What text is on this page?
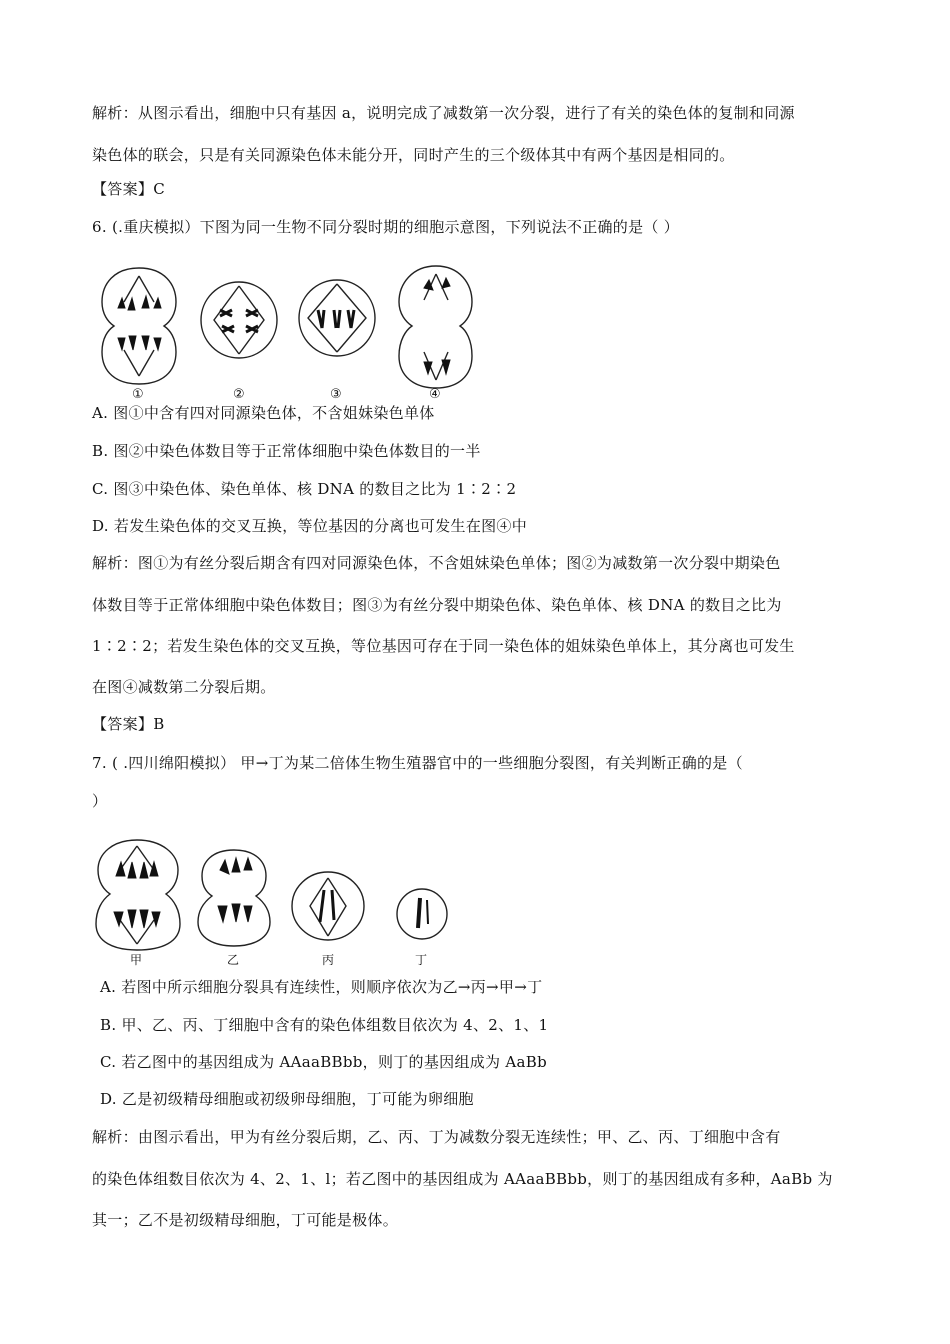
解析：从图示看出，细胞中只有基因 a，说明完成了减数第一次分裂，进行了有关的染色体的复制和同源
染色体的联会，只是有关同源染色体未能分开，同时产生的三个级体其中有两个基因是相同的。
【答案】C
6. (.重庆模拟）下图为同一生物不同分裂时期的细胞示意图，下列说法不正确的是（ ）
①	②	③	④
A. 图①中含有四对同源染色体，不含姐妹染色单体
B. 图②中染色体数目等于正常体细胞中染色体数目的一半
C. 图③中染色体、染色单体、核 DNA 的数目之比为 1∶2∶2
D. 若发生染色体的交叉互换，等位基因的分离也可发生在图④中
解析：图①为有丝分裂后期含有四对同源染色体，不含姐妹染色单体；图②为减数第一次分裂中期染色
体数目等于正常体细胞中染色体数目；图③为有丝分裂中期染色体、染色单体、核 DNA 的数目之比为
1∶2∶2；若发生染色体的交叉互换，等位基因可存在于同一染色体的姐妹染色单体上，其分离也可发生
在图④减数第二分裂后期。
【答案】B
7. ( .四川绵阳模拟） 甲→丁为某二倍体生物生殖器官中的一些细胞分裂图，有关判断正确的是（
）
甲	乙	丙	丁
A. 若图中所示细胞分裂具有连续性，则顺序依次为乙→丙→甲→丁
B. 甲、乙、丙、丁细胞中含有的染色体组数目依次为 4、2、1、1
C. 若乙图中的基因组成为 AAaaBBbb，则丁的基因组成为 AaBb
D. 乙是初级精母细胞或初级卵母细胞，丁可能为卵细胞
解析：由图示看出，甲为有丝分裂后期，乙、丙、丁为减数分裂无连续性；甲、乙、丙、丁细胞中含有
的染色体组数目依次为 4、2、1、l；若乙图中的基因组成为 AAaaBBbb，则丁的基因组成有多种，AaBb 为
其一；乙不是初级精母细胞，丁可能是极体。
